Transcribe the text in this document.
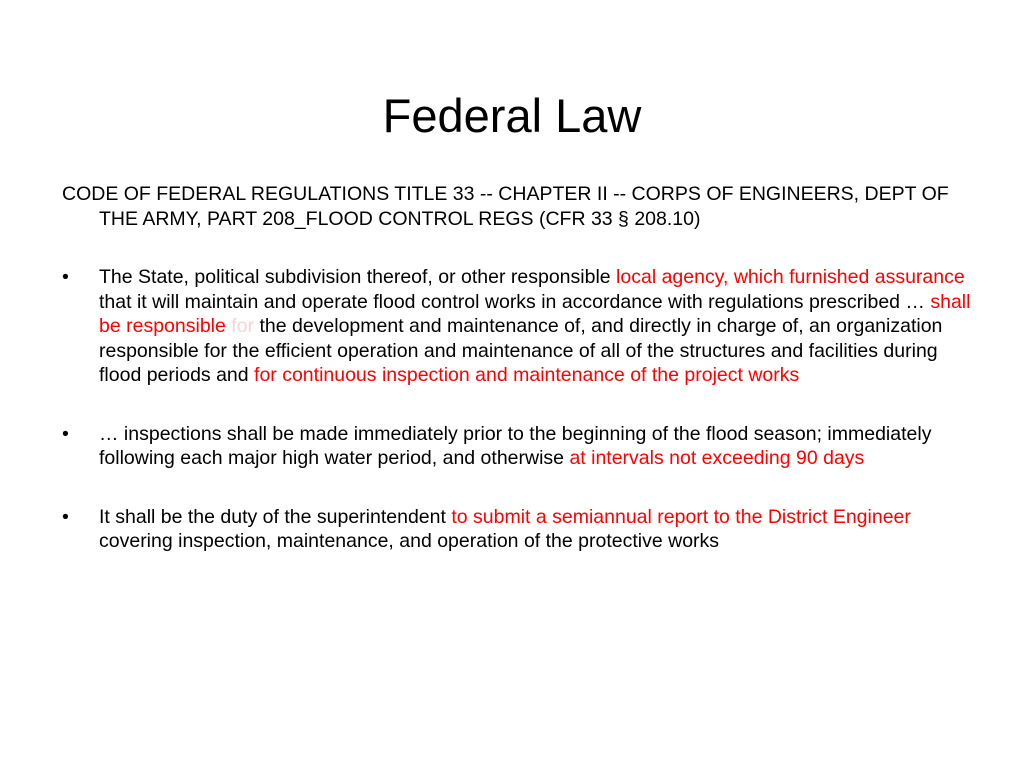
Federal Law

CODE OF FEDERAL REGULATIONS TITLE 33 -- CHAPTER II -- CORPS OF ENGINEERS, DEPT OF THE ARMY, PART 208_FLOOD CONTROL REGS (CFR 33 § 208.10)

• The State, political subdivision thereof, or other responsible local agency, which furnished assurance that it will maintain and operate flood control works in accordance with regulations prescribed … shall be responsible for the development and maintenance of, and directly in charge of, an organization responsible for the efficient operation and maintenance of all of the structures and facilities during flood periods and for continuous inspection and maintenance of the project works
• … inspections shall be made immediately prior to the beginning of the flood season; immediately following each major high water period, and otherwise at intervals not exceeding 90 days
• It shall be the duty of the superintendent to submit a semiannual report to the District Engineer covering inspection, maintenance, and operation of the protective works
